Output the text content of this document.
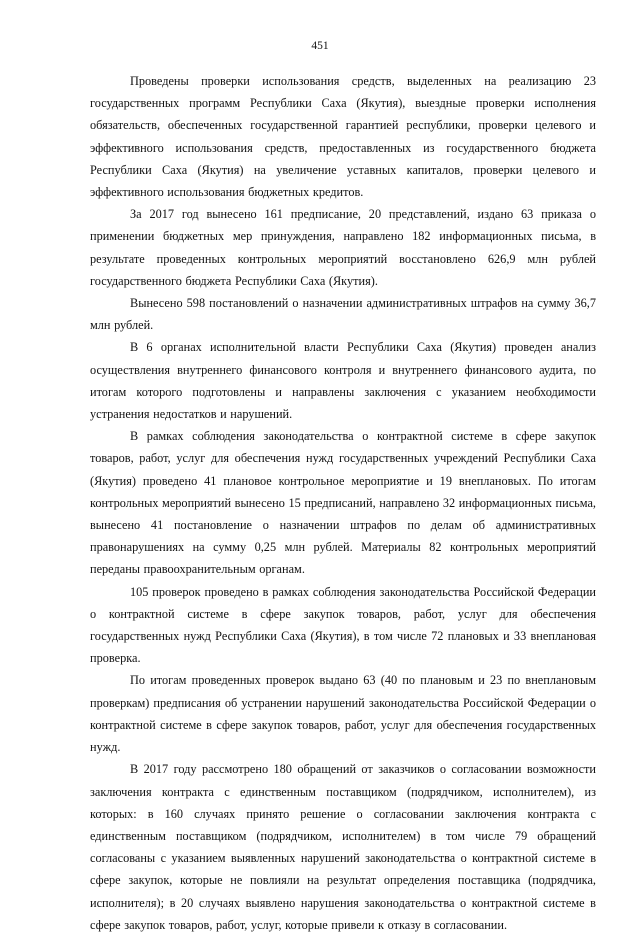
451

Проведены проверки использования средств, выделенных на реализацию 23 государственных программ Республики Саха (Якутия), выездные проверки исполнения обязательств, обеспеченных государственной гарантией республики, проверки целевого и эффективного использования средств, предоставленных из государственного бюджета Республики Саха (Якутия) на увеличение уставных капиталов, проверки целевого и эффективного использования бюджетных кредитов.

За 2017 год вынесено 161 предписание, 20 представлений, издано 63 приказа о применении бюджетных мер принуждения, направлено 182 информационных письма, в результате проведенных контрольных мероприятий восстановлено 626,9 млн рублей государственного бюджета Республики Саха (Якутия).

Вынесено 598 постановлений о назначении административных штрафов на сумму 36,7 млн рублей.

В 6 органах исполнительной власти Республики Саха (Якутия) проведен анализ осуществления внутреннего финансового контроля и внутреннего финансового аудита, по итогам которого подготовлены и направлены заключения с указанием необходимости устранения недостатков и нарушений.

В рамках соблюдения законодательства о контрактной системе в сфере закупок товаров, работ, услуг для обеспечения нужд государственных учреждений Республики Саха (Якутия) проведено 41 плановое контрольное мероприятие и 19 внеплановых. По итогам контрольных мероприятий вынесено 15 предписаний, направлено 32 информационных письма, вынесено 41 постановление о назначении штрафов по делам об административных правонарушениях на сумму 0,25 млн рублей. Материалы 82 контрольных мероприятий переданы правоохранительным органам.

105 проверок проведено в рамках соблюдения законодательства Российской Федерации о контрактной системе в сфере закупок товаров, работ, услуг для обеспечения государственных нужд Республики Саха (Якутия), в том числе 72 плановых и 33 внеплановая проверка.

По итогам проведенных проверок выдано 63 (40 по плановым и 23 по внеплановым проверкам) предписания об устранении нарушений законодательства Российской Федерации о контрактной системе в сфере закупок товаров, работ, услуг для обеспечения государственных нужд.

В 2017 году рассмотрено 180 обращений от заказчиков о согласовании возможности заключения контракта с единственным поставщиком (подрядчиком, исполнителем), из которых: в 160 случаях принято решение о согласовании заключения контракта с единственным поставщиком (подрядчиком, исполнителем) в том числе 79 обращений согласованы с указанием выявленных нарушений законодательства о контрактной системе в сфере закупок, которые не повлияли на результат определения поставщика (подрядчика, исполнителя); в 20 случаях выявлено нарушения законодательства о контрактной системе в сфере закупок товаров, работ, услуг, которые привели к отказу в согласовании.
